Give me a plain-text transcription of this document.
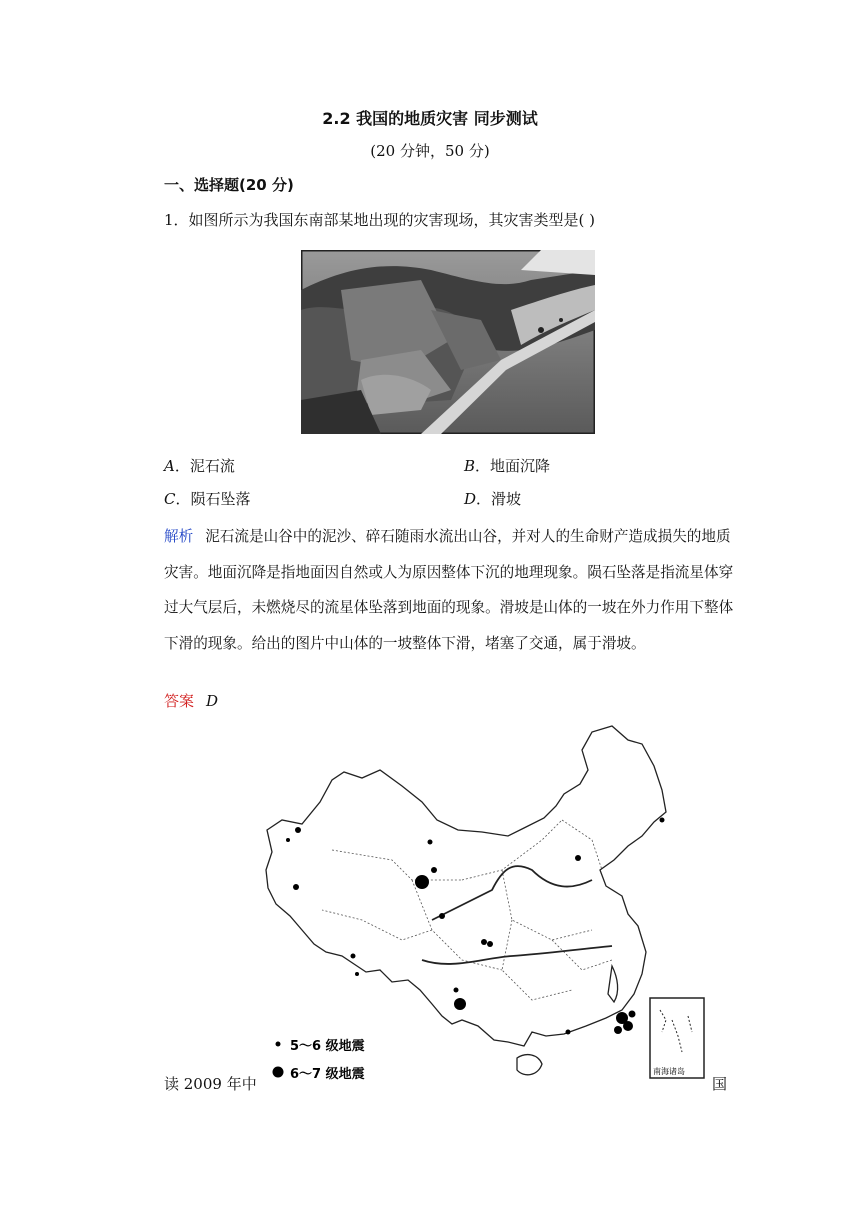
2.2 我国的地质灾害 同步测试
(20 分钟，50 分)
一、选择题(20 分)
1．如图所示为我国东南部某地出现的灾害现场，其灾害类型是( )
A．泥石流	B．地面沉降
C．陨石坠落	D．滑坡
解析 泥石流是山谷中的泥沙、碎石随雨水流出山谷，并对人的生命财产造成损失的地质灾害。地面沉降是指地面因自然或人为原因整体下沉的地理现象。陨石坠落是指流星体穿过大气层后，未燃烧尽的流星体坠落到地面的现象。滑坡是山体的一坡在外力作用下整体下滑的现象。给出的图片中山体的一坡整体下滑，堵塞了交通，属于滑坡。
答案 D
南海诸岛
5～6 级地震
6～7 级地震
读 2009 年中	国
